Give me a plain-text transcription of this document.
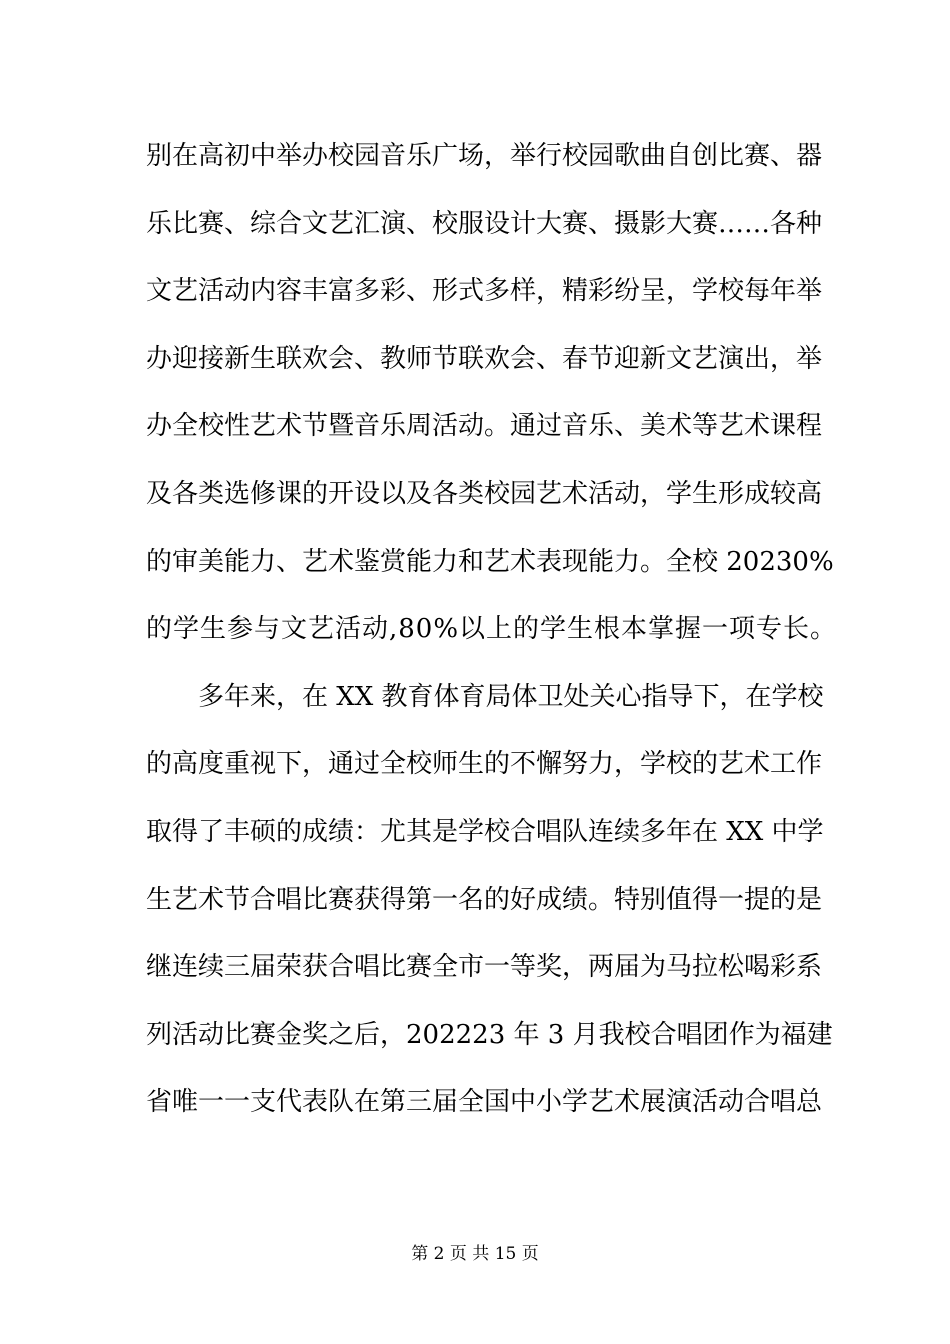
别在高初中举办校园音乐广场，举行校园歌曲自创比赛、器
乐比赛、综合文艺汇演、校服设计大赛、摄影大赛……各种
文艺活动内容丰富多彩、形式多样，精彩纷呈，学校每年举
办迎接新生联欢会、教师节联欢会、春节迎新文艺演出，举
办全校性艺术节暨音乐周活动。通过音乐、美术等艺术课程
及各类选修课的开设以及各类校园艺术活动，学生形成较高
的审美能力、艺术鉴赏能力和艺术表现能力。全校 20230%
的学生参与文艺活动,80%以上的学生根本掌握一项专长。
多年来，在 XX 教育体育局体卫处关心指导下，在学校
的高度重视下，通过全校师生的不懈努力，学校的艺术工作
取得了丰硕的成绩：尤其是学校合唱队连续多年在 XX 中学
生艺术节合唱比赛获得第一名的好成绩。特别值得一提的是
继连续三届荣获合唱比赛全市一等奖，两届为马拉松喝彩系
列活动比赛金奖之后，202223 年 3 月我校合唱团作为福建
省唯一一支代表队在第三届全国中小学艺术展演活动合唱总
第 2 页 共 15 页
